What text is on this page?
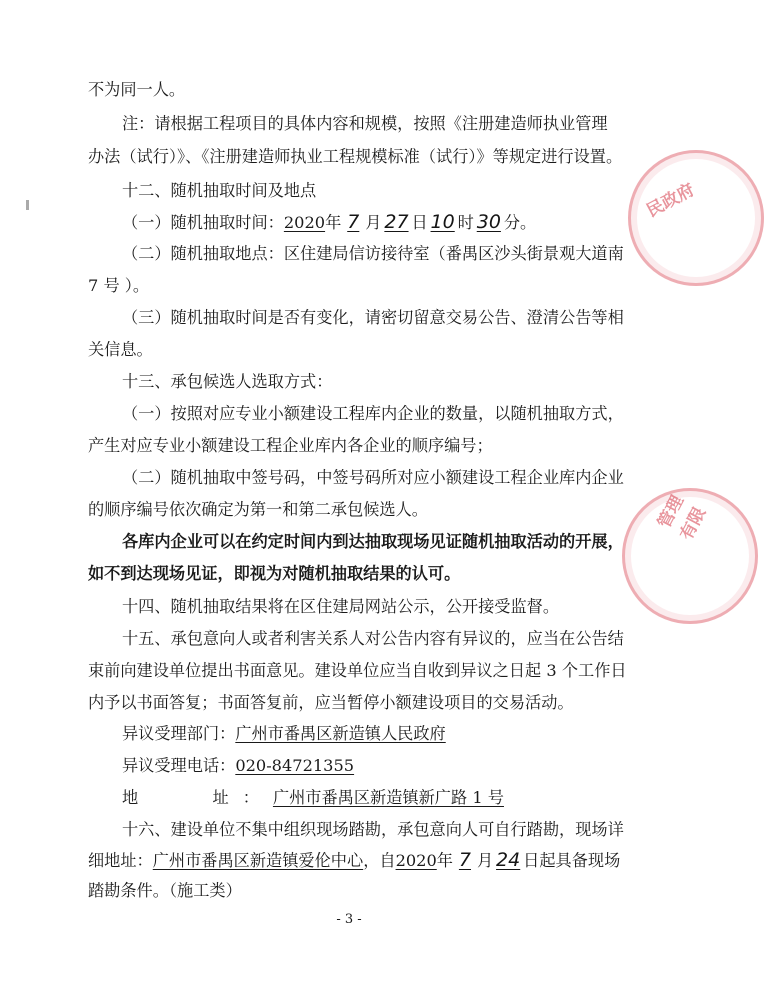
不为同一人。
注：请根据工程项目的具体内容和规模，按照《注册建造师执业管理
办法（试行）》、《注册建造师执业工程规模标准（试行）》等规定进行设置。
十二、随机抽取时间及地点
（一）随机抽取时间：2020年 7 月 27 日 10 时 30 分。
（二）随机抽取地点：区住建局信访接待室（番禺区沙头街景观大道南
7 号 ）。
（三）随机抽取时间是否有变化，请密切留意交易公告、澄清公告等相
关信息。
十三、承包候选人选取方式：
（一）按照对应专业小额建设工程库内企业的数量，以随机抽取方式，
产生对应专业小额建设工程企业库内各企业的顺序编号；
（二）随机抽取中签号码，中签号码所对应小额建设工程企业库内企业
的顺序编号依次确定为第一和第二承包候选人。
各库内企业可以在约定时间内到达抽取现场见证随机抽取活动的开展，
如不到达现场见证，即视为对随机抽取结果的认可。
十四、随机抽取结果将在区住建局网站公示，公开接受监督。
十五、承包意向人或者利害关系人对公告内容有异议的，应当在公告结
束前向建设单位提出书面意见。建设单位应当自收到异议之日起 3 个工作日
内予以书面答复；书面答复前，应当暂停小额建设项目的交易活动。
异议受理部门：广州市番禺区新造镇人民政府
异议受理电话：020-84721355
地　　址：广州市番禺区新造镇新广路 1 号
十六、建设单位不集中组织现场踏勘，承包意向人可自行踏勘，现场详
细地址：广州市番禺区新造镇爱伦中心，自2020年 7 月 24 日起具备现场
踏勘条件。（施工类）
- 3 -
民政府
管理有限
